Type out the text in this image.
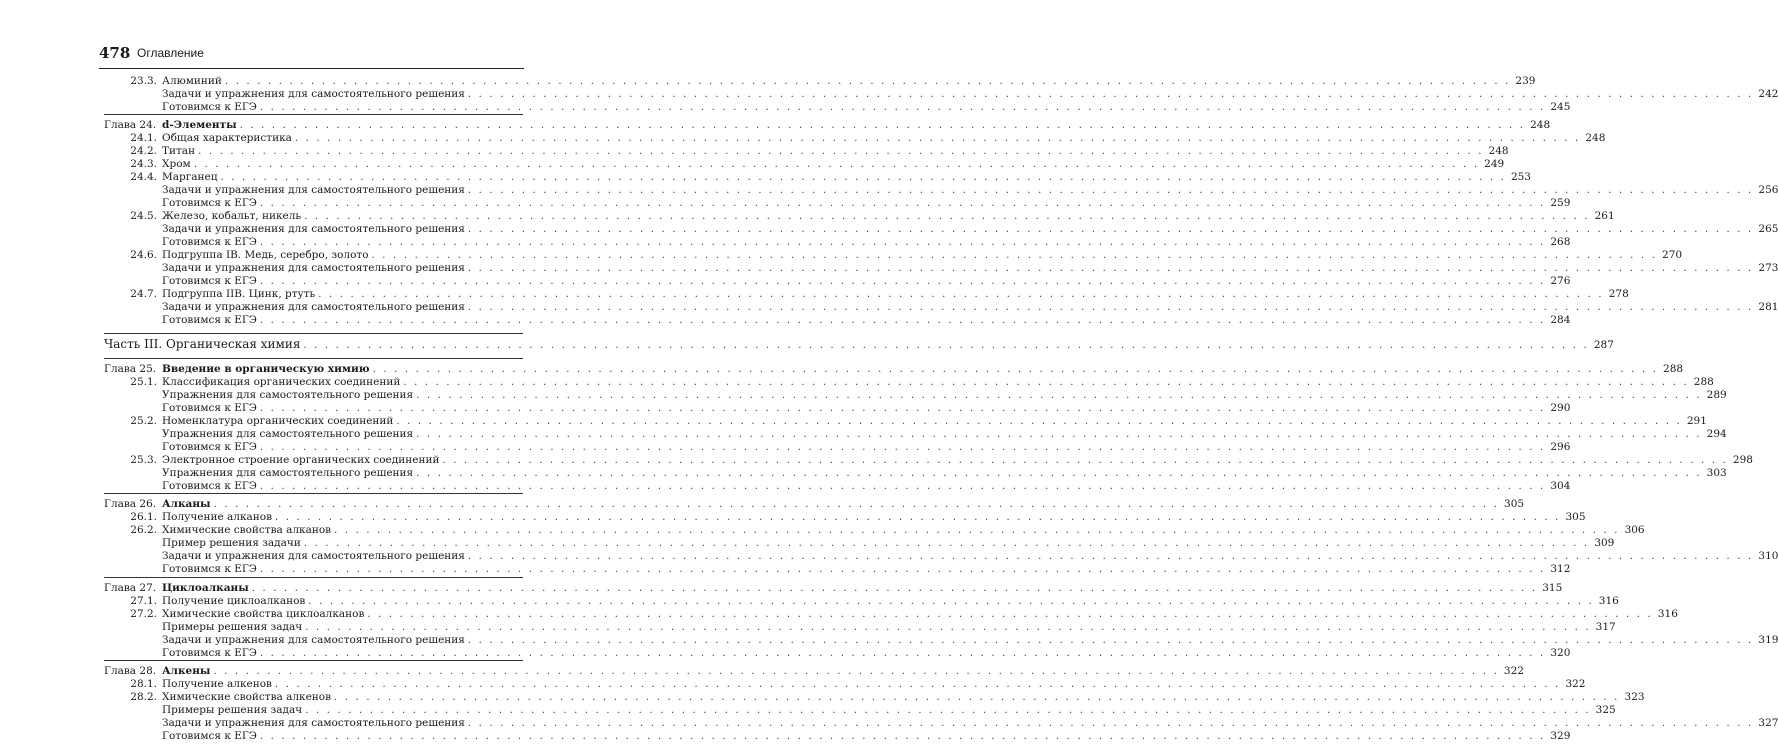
478 Оглавление
23.3. Алюминий . . . . . . . . . . . . . . . . . . . . . . . . . . . . . . . . . . . . . . . . . . . . . . . . . . . . . . . . . . . . . . . . . . . . . . . . . . . . . . . . . . . . . . . . . . . . . . . . . . . . . . . . . . . . . . . . . . . . . . . . 239
Задачи и упражнения для самостоятельного решения . . . . . . . . . . . . . . . . . . . . . . . . . . . . . . . . . . . . . . . . . . . . . . . . . . . . . . . . . . . . . . . . . . . . . . . . . . . . . . . . . . . . . . . . . . . . . . . . . . . . . . . . . . . . . . . . . . . . . . . . 242
Готовимся к ЕГЭ . . . . . . . . . . . . . . . . . . . . . . . . . . . . . . . . . . . . . . . . . . . . . . . . . . . . . . . . . . . . . . . . . . . . . . . . . . . . . . . . . . . . . . . . . . . . . . . . . . . . . . . . . . . . . . . . . . . . . . . . 245
Глава 24. d-Элементы . . . . . . . . . . . . . . . . . . . . . . . . . . . . . . . . . . . . . . . . . . . . . . . . . . . . . . . . . . . . . . . . . . . . . . . . . . . . . . . . . . . . . . . . . . . . . . . . . . . . . . . . . . . . . . . . . . . . . . . . 248
24.1. Общая характеристика . . . . . . . . . . . . . . . . . . . . . . . . . . . . . . . . . . . . . . . . . . . . . . . . . . . . . . . . . . . . . . . . . . . . . . . . . . . . . . . . . . . . . . . . . . . . . . . . . . . . . . . . . . . . . . . . . . . . . . . . 248
24.2. Титан . . . . . . . . . . . . . . . . . . . . . . . . . . . . . . . . . . . . . . . . . . . . . . . . . . . . . . . . . . . . . . . . . . . . . . . . . . . . . . . . . . . . . . . . . . . . . . . . . . . . . . . . . . . . . . . . . . . . . . . . 248
24.3. Хром . . . . . . . . . . . . . . . . . . . . . . . . . . . . . . . . . . . . . . . . . . . . . . . . . . . . . . . . . . . . . . . . . . . . . . . . . . . . . . . . . . . . . . . . . . . . . . . . . . . . . . . . . . . . . . . . . . . . . . . . 249
24.4. Марганец . . . . . . . . . . . . . . . . . . . . . . . . . . . . . . . . . . . . . . . . . . . . . . . . . . . . . . . . . . . . . . . . . . . . . . . . . . . . . . . . . . . . . . . . . . . . . . . . . . . . . . . . . . . . . . . . . . . . . . . . 253
Задачи и упражнения для самостоятельного решения . . . . . . . . . . . . . . . . . . . . . . . . . . . . . . . . . . . . . . . . . . . . . . . . . . . . . . . . . . . . . . . . . . . . . . . . . . . . . . . . . . . . . . . . . . . . . . . . . . . . . . . . . . . . . . . . . . . . . . . . 256
Готовимся к ЕГЭ . . . . . . . . . . . . . . . . . . . . . . . . . . . . . . . . . . . . . . . . . . . . . . . . . . . . . . . . . . . . . . . . . . . . . . . . . . . . . . . . . . . . . . . . . . . . . . . . . . . . . . . . . . . . . . . . . . . . . . . . 259
24.5. Железо, кобальт, никель . . . . . . . . . . . . . . . . . . . . . . . . . . . . . . . . . . . . . . . . . . . . . . . . . . . . . . . . . . . . . . . . . . . . . . . . . . . . . . . . . . . . . . . . . . . . . . . . . . . . . . . . . . . . . . . . . . . . . . . . 261
Задачи и упражнения для самостоятельного решения . . . . . . . . . . . . . . . . . . . . . . . . . . . . . . . . . . . . . . . . . . . . . . . . . . . . . . . . . . . . . . . . . . . . . . . . . . . . . . . . . . . . . . . . . . . . . . . . . . . . . . . . . . . . . . . . . . . . . . . . 265
Готовимся к ЕГЭ . . . . . . . . . . . . . . . . . . . . . . . . . . . . . . . . . . . . . . . . . . . . . . . . . . . . . . . . . . . . . . . . . . . . . . . . . . . . . . . . . . . . . . . . . . . . . . . . . . . . . . . . . . . . . . . . . . . . . . . . 268
24.6. Подгруппа IB. Медь, серебро, золото . . . . . . . . . . . . . . . . . . . . . . . . . . . . . . . . . . . . . . . . . . . . . . . . . . . . . . . . . . . . . . . . . . . . . . . . . . . . . . . . . . . . . . . . . . . . . . . . . . . . . . . . . . . . . . . . . . . . . . . . 270
Задачи и упражнения для самостоятельного решения . . . . . . . . . . . . . . . . . . . . . . . . . . . . . . . . . . . . . . . . . . . . . . . . . . . . . . . . . . . . . . . . . . . . . . . . . . . . . . . . . . . . . . . . . . . . . . . . . . . . . . . . . . . . . . . . . . . . . . . . 273
Готовимся к ЕГЭ . . . . . . . . . . . . . . . . . . . . . . . . . . . . . . . . . . . . . . . . . . . . . . . . . . . . . . . . . . . . . . . . . . . . . . . . . . . . . . . . . . . . . . . . . . . . . . . . . . . . . . . . . . . . . . . . . . . . . . . . 276
24.7. Подгруппа IIB. Цинк, ртуть . . . . . . . . . . . . . . . . . . . . . . . . . . . . . . . . . . . . . . . . . . . . . . . . . . . . . . . . . . . . . . . . . . . . . . . . . . . . . . . . . . . . . . . . . . . . . . . . . . . . . . . . . . . . . . . . . . . . . . . . 278
Задачи и упражнения для самостоятельного решения . . . . . . . . . . . . . . . . . . . . . . . . . . . . . . . . . . . . . . . . . . . . . . . . . . . . . . . . . . . . . . . . . . . . . . . . . . . . . . . . . . . . . . . . . . . . . . . . . . . . . . . . . . . . . . . . . . . . . . . . 281
Готовимся к ЕГЭ . . . . . . . . . . . . . . . . . . . . . . . . . . . . . . . . . . . . . . . . . . . . . . . . . . . . . . . . . . . . . . . . . . . . . . . . . . . . . . . . . . . . . . . . . . . . . . . . . . . . . . . . . . . . . . . . . . . . . . . . 284
Часть III. Органическая химия . . . . . . . . . . . . . . . . . . . . . . . . . . . . . . . . . . . . . . . . . . . . . . . . . . . . . . . . . . . . . . . . . . . . . . . . . . . . . . . . . . . . . . . . . . . . . . . . . . . . . . . . . . . . . . . . . . . . . . . . 287
Глава 25. Введение в органическую химию . . . . . . . . . . . . . . . . . . . . . . . . . . . . . . . . . . . . . . . . . . . . . . . . . . . . . . . . . . . . . . . . . . . . . . . . . . . . . . . . . . . . . . . . . . . . . . . . . . . . . . . . . . . . . . . . . . . . . . . . 288
25.1. Классификация органических соединений . . . . . . . . . . . . . . . . . . . . . . . . . . . . . . . . . . . . . . . . . . . . . . . . . . . . . . . . . . . . . . . . . . . . . . . . . . . . . . . . . . . . . . . . . . . . . . . . . . . . . . . . . . . . . . . . . . . . . . . . 288
Упражнения для самостоятельного решения . . . . . . . . . . . . . . . . . . . . . . . . . . . . . . . . . . . . . . . . . . . . . . . . . . . . . . . . . . . . . . . . . . . . . . . . . . . . . . . . . . . . . . . . . . . . . . . . . . . . . . . . . . . . . . . . . . . . . . . . 289
Готовимся к ЕГЭ . . . . . . . . . . . . . . . . . . . . . . . . . . . . . . . . . . . . . . . . . . . . . . . . . . . . . . . . . . . . . . . . . . . . . . . . . . . . . . . . . . . . . . . . . . . . . . . . . . . . . . . . . . . . . . . . . . . . . . . . 290
25.2. Номенклатура органических соединений . . . . . . . . . . . . . . . . . . . . . . . . . . . . . . . . . . . . . . . . . . . . . . . . . . . . . . . . . . . . . . . . . . . . . . . . . . . . . . . . . . . . . . . . . . . . . . . . . . . . . . . . . . . . . . . . . . . . . . . . 291
Упражнения для самостоятельного решения . . . . . . . . . . . . . . . . . . . . . . . . . . . . . . . . . . . . . . . . . . . . . . . . . . . . . . . . . . . . . . . . . . . . . . . . . . . . . . . . . . . . . . . . . . . . . . . . . . . . . . . . . . . . . . . . . . . . . . . . 294
Готовимся к ЕГЭ . . . . . . . . . . . . . . . . . . . . . . . . . . . . . . . . . . . . . . . . . . . . . . . . . . . . . . . . . . . . . . . . . . . . . . . . . . . . . . . . . . . . . . . . . . . . . . . . . . . . . . . . . . . . . . . . . . . . . . . . 296
25.3. Электронное строение органических соединений . . . . . . . . . . . . . . . . . . . . . . . . . . . . . . . . . . . . . . . . . . . . . . . . . . . . . . . . . . . . . . . . . . . . . . . . . . . . . . . . . . . . . . . . . . . . . . . . . . . . . . . . . . . . . . . . . . . . . . . . 298
Упражнения для самостоятельного решения . . . . . . . . . . . . . . . . . . . . . . . . . . . . . . . . . . . . . . . . . . . . . . . . . . . . . . . . . . . . . . . . . . . . . . . . . . . . . . . . . . . . . . . . . . . . . . . . . . . . . . . . . . . . . . . . . . . . . . . . 303
Готовимся к ЕГЭ . . . . . . . . . . . . . . . . . . . . . . . . . . . . . . . . . . . . . . . . . . . . . . . . . . . . . . . . . . . . . . . . . . . . . . . . . . . . . . . . . . . . . . . . . . . . . . . . . . . . . . . . . . . . . . . . . . . . . . . . 304
Глава 26. Алканы . . . . . . . . . . . . . . . . . . . . . . . . . . . . . . . . . . . . . . . . . . . . . . . . . . . . . . . . . . . . . . . . . . . . . . . . . . . . . . . . . . . . . . . . . . . . . . . . . . . . . . . . . . . . . . . . . . . . . . . . 305
26.1. Получение алканов . . . . . . . . . . . . . . . . . . . . . . . . . . . . . . . . . . . . . . . . . . . . . . . . . . . . . . . . . . . . . . . . . . . . . . . . . . . . . . . . . . . . . . . . . . . . . . . . . . . . . . . . . . . . . . . . . . . . . . . . 305
26.2. Химические свойства алканов . . . . . . . . . . . . . . . . . . . . . . . . . . . . . . . . . . . . . . . . . . . . . . . . . . . . . . . . . . . . . . . . . . . . . . . . . . . . . . . . . . . . . . . . . . . . . . . . . . . . . . . . . . . . . . . . . . . . . . . . 306
Пример решения задачи . . . . . . . . . . . . . . . . . . . . . . . . . . . . . . . . . . . . . . . . . . . . . . . . . . . . . . . . . . . . . . . . . . . . . . . . . . . . . . . . . . . . . . . . . . . . . . . . . . . . . . . . . . . . . . . . . . . . . . . . 309
Задачи и упражнения для самостоятельного решения . . . . . . . . . . . . . . . . . . . . . . . . . . . . . . . . . . . . . . . . . . . . . . . . . . . . . . . . . . . . . . . . . . . . . . . . . . . . . . . . . . . . . . . . . . . . . . . . . . . . . . . . . . . . . . . . . . . . . . . . 310
Готовимся к ЕГЭ . . . . . . . . . . . . . . . . . . . . . . . . . . . . . . . . . . . . . . . . . . . . . . . . . . . . . . . . . . . . . . . . . . . . . . . . . . . . . . . . . . . . . . . . . . . . . . . . . . . . . . . . . . . . . . . . . . . . . . . . 312
Глава 27. Циклоалканы . . . . . . . . . . . . . . . . . . . . . . . . . . . . . . . . . . . . . . . . . . . . . . . . . . . . . . . . . . . . . . . . . . . . . . . . . . . . . . . . . . . . . . . . . . . . . . . . . . . . . . . . . . . . . . . . . . . . . . . . 315
27.1. Получение циклоалканов . . . . . . . . . . . . . . . . . . . . . . . . . . . . . . . . . . . . . . . . . . . . . . . . . . . . . . . . . . . . . . . . . . . . . . . . . . . . . . . . . . . . . . . . . . . . . . . . . . . . . . . . . . . . . . . . . . . . . . . . 316
27.2. Химические свойства циклоалканов . . . . . . . . . . . . . . . . . . . . . . . . . . . . . . . . . . . . . . . . . . . . . . . . . . . . . . . . . . . . . . . . . . . . . . . . . . . . . . . . . . . . . . . . . . . . . . . . . . . . . . . . . . . . . . . . . . . . . . . . 316
Примеры решения задач . . . . . . . . . . . . . . . . . . . . . . . . . . . . . . . . . . . . . . . . . . . . . . . . . . . . . . . . . . . . . . . . . . . . . . . . . . . . . . . . . . . . . . . . . . . . . . . . . . . . . . . . . . . . . . . . . . . . . . . . 317
Задачи и упражнения для самостоятельного решения . . . . . . . . . . . . . . . . . . . . . . . . . . . . . . . . . . . . . . . . . . . . . . . . . . . . . . . . . . . . . . . . . . . . . . . . . . . . . . . . . . . . . . . . . . . . . . . . . . . . . . . . . . . . . . . . . . . . . . . . 319
Готовимся к ЕГЭ . . . . . . . . . . . . . . . . . . . . . . . . . . . . . . . . . . . . . . . . . . . . . . . . . . . . . . . . . . . . . . . . . . . . . . . . . . . . . . . . . . . . . . . . . . . . . . . . . . . . . . . . . . . . . . . . . . . . . . . . 320
Глава 28. Алкены . . . . . . . . . . . . . . . . . . . . . . . . . . . . . . . . . . . . . . . . . . . . . . . . . . . . . . . . . . . . . . . . . . . . . . . . . . . . . . . . . . . . . . . . . . . . . . . . . . . . . . . . . . . . . . . . . . . . . . . . 322
28.1. Получение алкенов . . . . . . . . . . . . . . . . . . . . . . . . . . . . . . . . . . . . . . . . . . . . . . . . . . . . . . . . . . . . . . . . . . . . . . . . . . . . . . . . . . . . . . . . . . . . . . . . . . . . . . . . . . . . . . . . . . . . . . . . 322
28.2. Химические свойства алкенов . . . . . . . . . . . . . . . . . . . . . . . . . . . . . . . . . . . . . . . . . . . . . . . . . . . . . . . . . . . . . . . . . . . . . . . . . . . . . . . . . . . . . . . . . . . . . . . . . . . . . . . . . . . . . . . . . . . . . . . . 323
Примеры решения задач . . . . . . . . . . . . . . . . . . . . . . . . . . . . . . . . . . . . . . . . . . . . . . . . . . . . . . . . . . . . . . . . . . . . . . . . . . . . . . . . . . . . . . . . . . . . . . . . . . . . . . . . . . . . . . . . . . . . . . . . 325
Задачи и упражнения для самостоятельного решения . . . . . . . . . . . . . . . . . . . . . . . . . . . . . . . . . . . . . . . . . . . . . . . . . . . . . . . . . . . . . . . . . . . . . . . . . . . . . . . . . . . . . . . . . . . . . . . . . . . . . . . . . . . . . . . . . . . . . . . . 327
Готовимся к ЕГЭ . . . . . . . . . . . . . . . . . . . . . . . . . . . . . . . . . . . . . . . . . . . . . . . . . . . . . . . . . . . . . . . . . . . . . . . . . . . . . . . . . . . . . . . . . . . . . . . . . . . . . . . . . . . . . . . . . . . . . . . . 329
